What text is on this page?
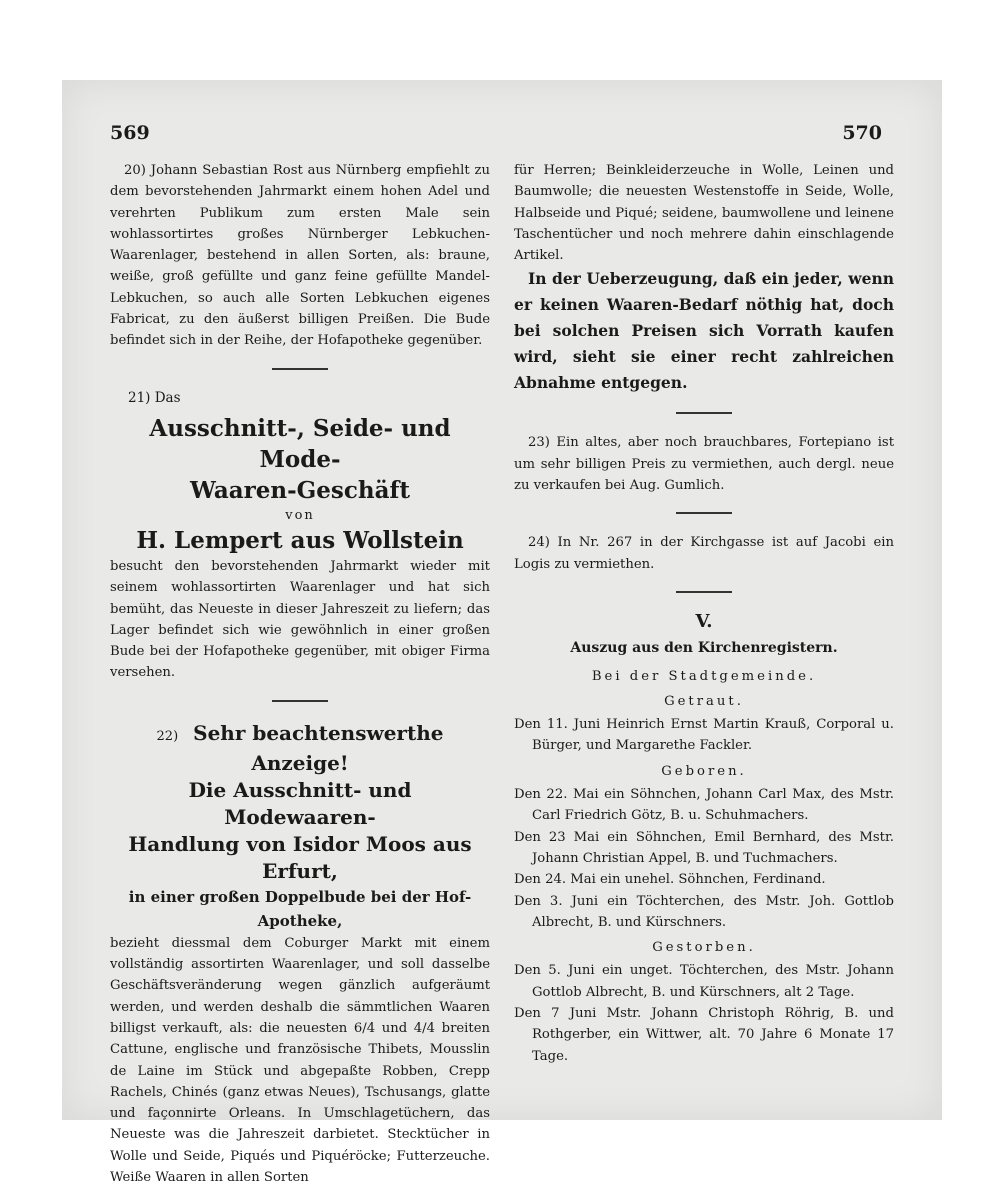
569	570

20) Johann Sebastian Rost aus Nürnberg empfiehlt zu dem bevorstehenden Jahrmarkt einem hohen Adel und verehrten Publikum zum ersten Male sein wohlassortirtes großes Nürnberger Lebkuchen-Waarenlager, bestehend in allen Sorten, als: braune, weiße, groß gefüllte und ganz feine gefüllte Mandel-Lebkuchen, so auch alle Sorten Lebkuchen eigenes Fabricat, zu den äußerst billigen Preißen. Die Bude befindet sich in der Reihe, der Hofapotheke gegenüber.

21) Das
Ausschnitt-, Seide- und Mode-
Waaren-Geschäft
von
H. Lempert aus Wollstein

besucht den bevorstehenden Jahrmarkt wieder mit seinem wohlassortirten Waarenlager und hat sich bemüht, das Neueste in dieser Jahreszeit zu liefern; das Lager befindet sich wie gewöhnlich in einer großen Bude bei der Hofapotheke gegenüber, mit obiger Firma versehen.

22) Sehr beachtenswerthe Anzeige!
Die Ausschnitt- und Modewaaren-
Handlung von Isidor Moos aus
Erfurt,
in einer großen Doppelbude bei der Hof-Apotheke,

bezieht diessmal dem Coburger Markt mit einem vollständig assortirten Waarenlager, und soll dasselbe Geschäftsveränderung wegen gänzlich aufgeräumt werden, und werden deshalb die sämmtlichen Waaren billigst verkauft, als: die neuesten 6/4 und 4/4 breiten Cattune, englische und französische Thibets, Mousslin de Laine im Stück und abgepaßte Robben, Crepp Rachels, Chinés (ganz etwas Neues), Tschusangs, glatte und façonnirte Orleans. In Umschlagetüchern, das Neueste was die Jahreszeit darbietet. Stecktücher in Wolle und Seide, Piqués und Piquéröcke; Futterzeuche. Weiße Waaren in allen Sorten

für Herren; Beinkleiderzeuche in Wolle, Leinen und Baumwolle; die neuesten Westenstoffe in Seide, Wolle, Halbseide und Piqué; seidene, baumwollene und leinene Taschentücher und noch mehrere dahin einschlagende Artikel.

In der Ueberzeugung, daß ein jeder, wenn er keinen Waaren-Bedarf nöthig hat, doch bei solchen Preisen sich Vorrath kaufen wird, sieht sie einer recht zahlreichen Abnahme entgegen.

23) Ein altes, aber noch brauchbares, Fortepiano ist um sehr billigen Preis zu vermiethen, auch dergl. neue zu verkaufen bei Aug. Gumlich.

24) In Nr. 267 in der Kirchgasse ist auf Jacobi ein Logis zu vermiethen.

V.
Auszug aus den Kirchenregistern.
Bei der Stadtgemeinde.
Getraut.

Den 11. Juni Heinrich Ernst Martin Krauß, Corporal u. Bürger, und Margarethe Fackler.

Geboren.

Den 22. Mai ein Söhnchen, Johann Carl Max, des Mstr. Carl Friedrich Götz, B. u. Schuhmachers.

Den 23 Mai ein Söhnchen, Emil Bernhard, des Mstr. Johann Christian Appel, B. und Tuchmachers.

Den 24. Mai ein unehel. Söhnchen, Ferdinand.

Den 3. Juni ein Töchterchen, des Mstr. Joh. Gottlob Albrecht, B. und Kürschners.

Gestorben.

Den 5. Juni ein unget. Töchterchen, des Mstr. Johann Gottlob Albrecht, B. und Kürschners, alt 2 Tage.

Den 7 Juni Mstr. Johann Christoph Röhrig, B. und Rothgerber, ein Wittwer, alt. 70 Jahre 6 Monate 17 Tage.
